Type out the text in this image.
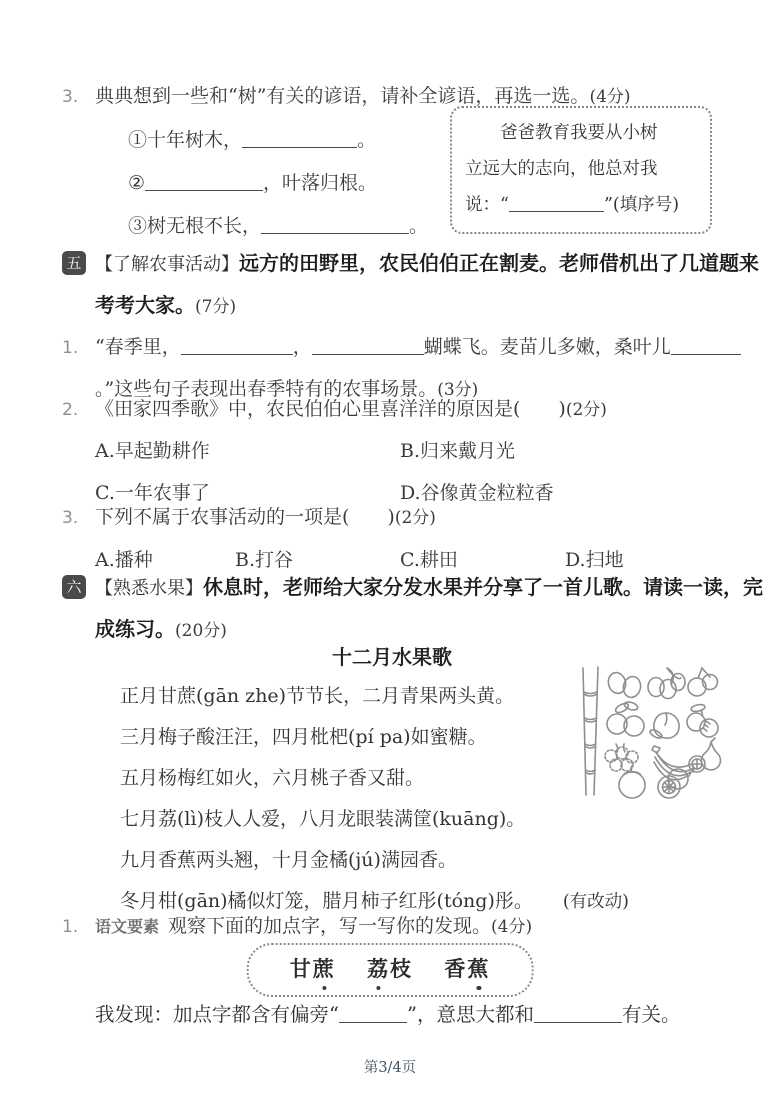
3. 典典想到一些和“树”有关的谚语，请补全谚语，再选一选。(4分)
①十年树木，	。
②	，叶落归根。
③树无根不长，	。
爸爸教育我要从小树
立远大的志向，他总对我
说：“	”(填序号)
五 【了解农事活动】远方的田野里，农民伯伯正在割麦。老师借机出了几道题来考考大家。(7分)
1. “春季里，	，	蝴蝶飞。麦苗儿多嫩，桑叶儿。”这些句子表现出春季特有的农事场景。(3分)
2. 《田家四季歌》中，农民伯伯心里喜洋洋的原因是(　　)(2分)
A.早起勤耕作	B.归来戴月光
C.一年农事了	D.谷像黄金粒粒香
3. 下列不属于农事活动的一项是(　　)(2分)
A.播种	B.打谷	C.耕田	D.扫地
六 【熟悉水果】休息时，老师给大家分发水果并分享了一首儿歌。请读一读，完成练习。(20分)
十二月水果歌
正月甘蔗(gān zhe)节节长，二月青果两头黄。
三月梅子酸汪汪，四月枇杷(pí pa)如蜜糖。
五月杨梅红如火，六月桃子香又甜。
七月荔(lì)枝人人爱，八月龙眼装满筐(kuāng)。
九月香蕉两头翘，十月金橘(jú)满园香。
冬月柑(gān)橘似灯笼，腊月柿子红彤(tóng)彤。 (有改动)
1. 语文要素 观察下面的加点字，写一写你的发现。(4分)
甘蔗 荔枝 香蕉
我发现：加点字都含有偏旁“	”，意思大都和	有关。
第3/4页
